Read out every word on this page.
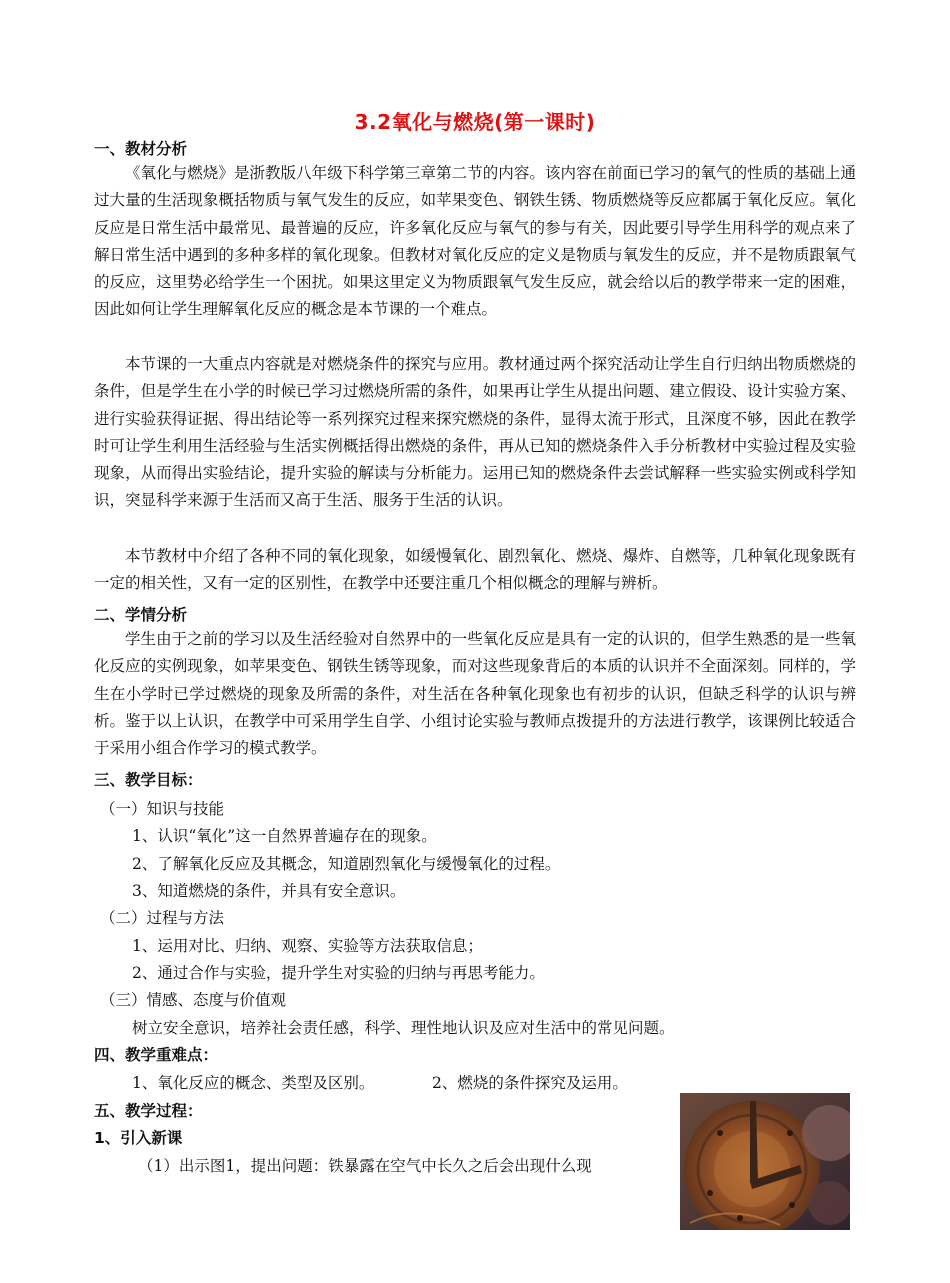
3.2氧化与燃烧(第一课时)
一、教材分析

《氧化与燃烧》是浙教版八年级下科学第三章第二节的内容。该内容在前面已学习的氧气的性质的基础上通过大量的生活现象概括物质与氧气发生的反应，如苹果变色、钢铁生锈、物质燃烧等反应都属于氧化反应。氧化反应是日常生活中最常见、最普遍的反应，许多氧化反应与氧气的参与有关，因此要引导学生用科学的观点来了解日常生活中遇到的多种多样的氧化现象。但教材对氧化反应的定义是物质与氧发生的反应，并不是物质跟氧气的反应，这里势必给学生一个困扰。如果这里定义为物质跟氧气发生反应，就会给以后的教学带来一定的困难，因此如何让学生理解氧化反应的概念是本节课的一个难点。

本节课的一大重点内容就是对燃烧条件的探究与应用。教材通过两个探究活动让学生自行归纳出物质燃烧的条件，但是学生在小学的时候已学习过燃烧所需的条件，如果再让学生从提出问题、建立假设、设计实验方案、进行实验获得证据、得出结论等一系列探究过程来探究燃烧的条件，显得太流于形式，且深度不够，因此在教学时可让学生利用生活经验与生活实例概括得出燃烧的条件，再从已知的燃烧条件入手分析教材中实验过程及实验现象，从而得出实验结论，提升实验的解读与分析能力。运用已知的燃烧条件去尝试解释一些实验实例或科学知识，突显科学来源于生活而又高于生活、服务于生活的认识。

本节教材中介绍了各种不同的氧化现象，如缓慢氧化、剧烈氧化、燃烧、爆炸、自燃等，几种氧化现象既有一定的相关性，又有一定的区别性，在教学中还要注重几个相似概念的理解与辨析。

二、学情分析

学生由于之前的学习以及生活经验对自然界中的一些氧化反应是具有一定的认识的，但学生熟悉的是一些氧化反应的实例现象，如苹果变色、钢铁生锈等现象，而对这些现象背后的本质的认识并不全面深刻。同样的，学生在小学时已学过燃烧的现象及所需的条件，对生活在各种氧化现象也有初步的认识，但缺乏科学的认识与辨析。鉴于以上认识，在教学中可采用学生自学、小组讨论实验与教师点拨提升的方法进行教学，该课例比较适合于采用小组合作学习的模式教学。

三、教学目标：
（一）知识与技能
1、认识“氧化”这一自然界普遍存在的现象。
2、了解氧化反应及其概念，知道剧烈氧化与缓慢氧化的过程。
3、知道燃烧的条件，并具有安全意识。
（二）过程与方法
1、运用对比、归纳、观察、实验等方法获取信息；
2、通过合作与实验，提升学生对实验的归纳与再思考能力。
（三）情感、态度与价值观
树立安全意识，培养社会责任感，科学、理性地认识及应对生活中的常见问题。
四、教学重难点：
1、氧化反应的概念、类型及区别。	2、燃烧的条件探究及运用。
五、教学过程：
1、引入新课
（1）出示图1，提出问题：铁暴露在空气中长久之后会出现什么现
